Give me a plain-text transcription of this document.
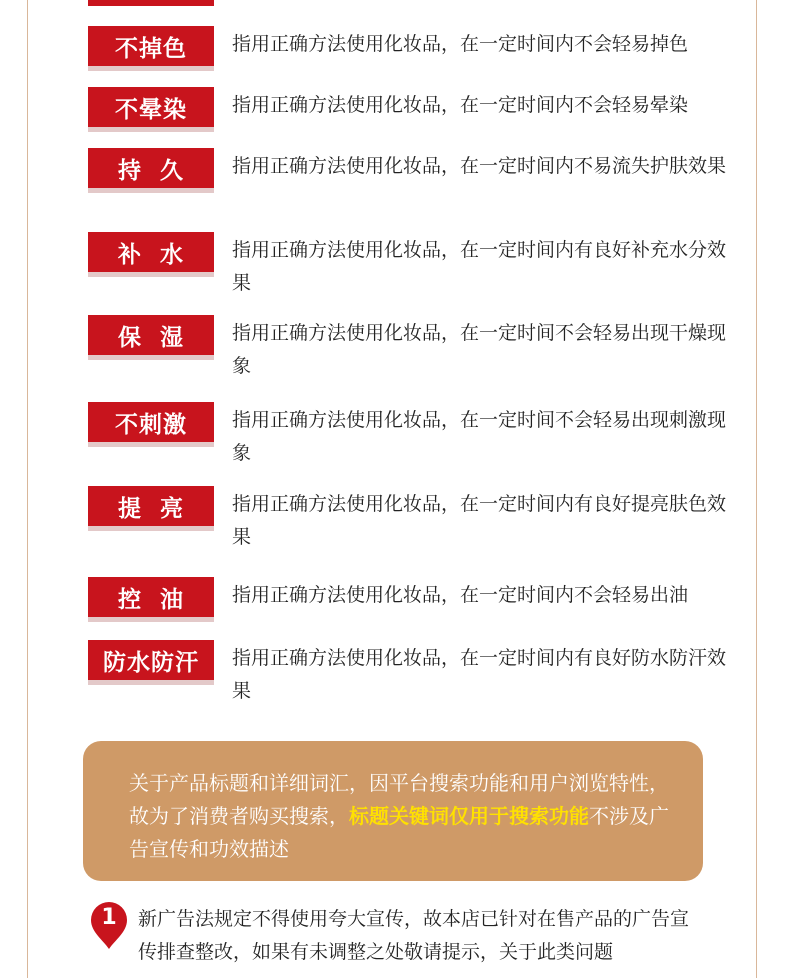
不掉色	指用正确方法使用化妆品，在一定时间内不会轻易掉色
不晕染	指用正确方法使用化妆品，在一定时间内不会轻易晕染
持  久	指用正确方法使用化妆品，在一定时间内不易流失护肤效果
补  水	指用正确方法使用化妆品，在一定时间内有良好补充水分效果
保  湿	指用正确方法使用化妆品，在一定时间不会轻易出现干燥现象
不刺激	指用正确方法使用化妆品，在一定时间不会轻易出现刺激现象
提  亮	指用正确方法使用化妆品，在一定时间内有良好提亮肤色效果
控  油	指用正确方法使用化妆品，在一定时间内不会轻易出油
防水防汗	指用正确方法使用化妆品，在一定时间内有良好防水防汗效果
关于产品标题和详细词汇，因平台搜索功能和用户浏览特性，故为了消费者购买搜索，标题关键词仅用于搜索功能不涉及广告宣传和功效描述
1	新广告法规定不得使用夸大宣传，故本店已针对在售产品的广告宣传排查整改，如果有未调整之处敬请提示，关于此类问题
